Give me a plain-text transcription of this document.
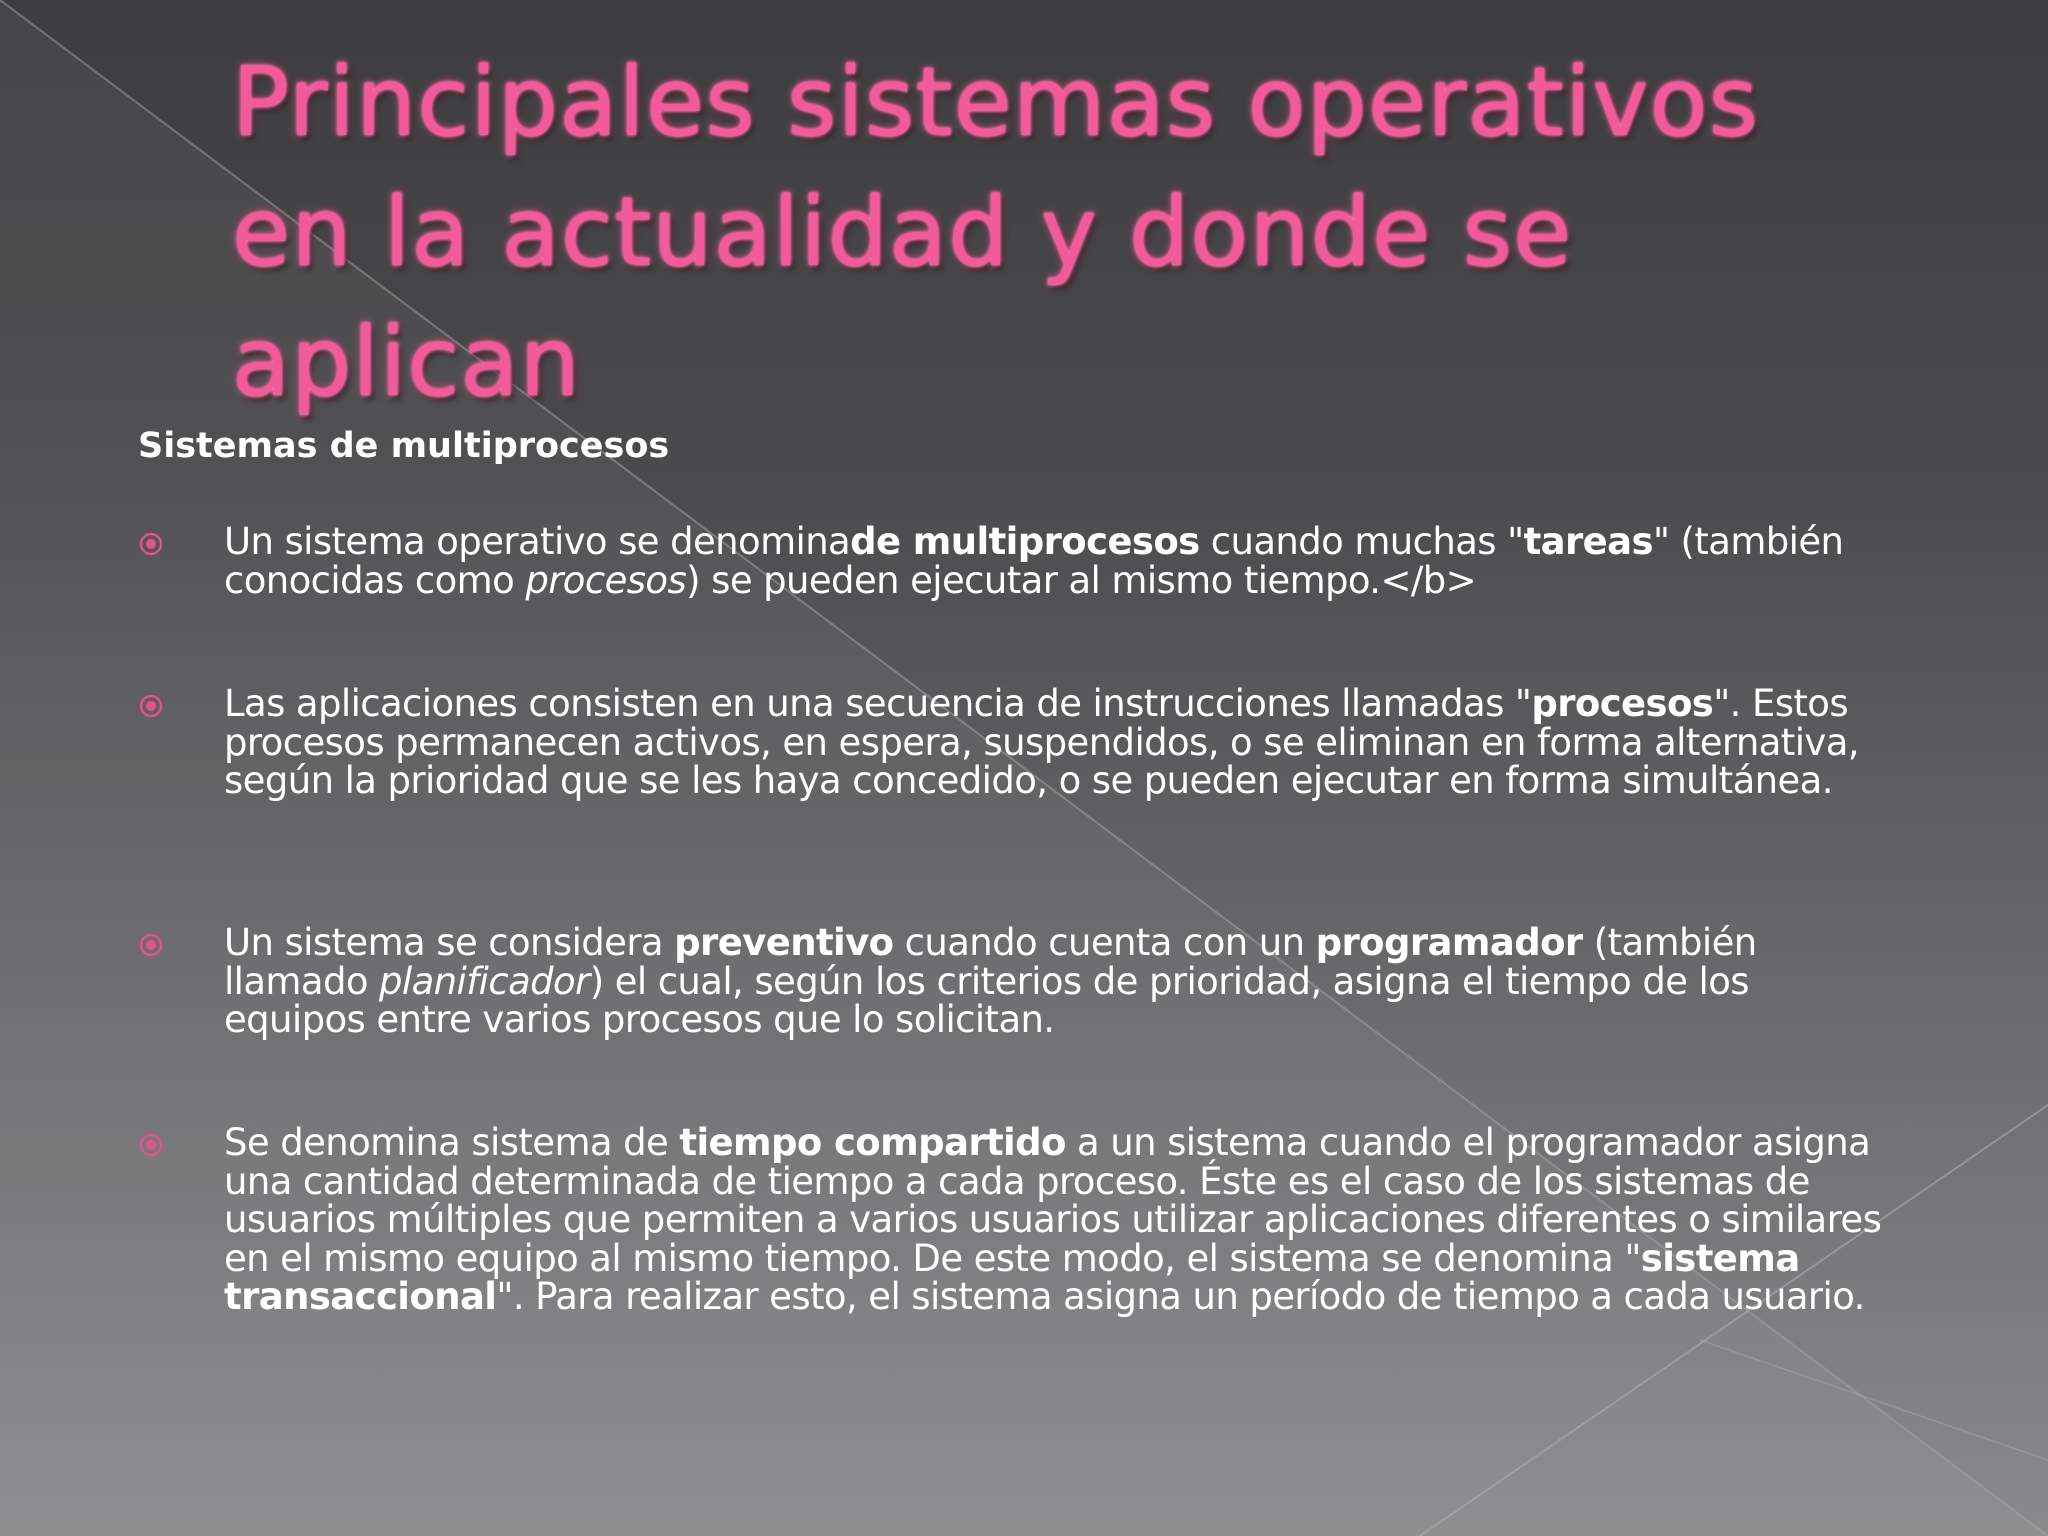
Principales sistemas operativos
en la actualidad y donde se
aplican
Sistemas de multiprocesos
Un sistema operativo se denominade multiprocesos cuando muchas "tareas" (también conocidas como procesos) se pueden ejecutar al mismo tiempo.</b>
Las aplicaciones consisten en una secuencia de instrucciones llamadas "procesos". Estos procesos permanecen activos, en espera, suspendidos, o se eliminan en forma alternativa, según la prioridad que se les haya concedido, o se pueden ejecutar en forma simultánea.
Un sistema se considera preventivo cuando cuenta con un programador (también llamado planificador) el cual, según los criterios de prioridad, asigna el tiempo de los equipos entre varios procesos que lo solicitan.
Se denomina sistema de tiempo compartido a un sistema cuando el programador asigna una cantidad determinada de tiempo a cada proceso. Éste es el caso de los sistemas de usuarios múltiples que permiten a varios usuarios utilizar aplicaciones diferentes o similares en el mismo equipo al mismo tiempo. De este modo, el sistema se denomina "sistema transaccional". Para realizar esto, el sistema asigna un período de tiempo a cada usuario.
